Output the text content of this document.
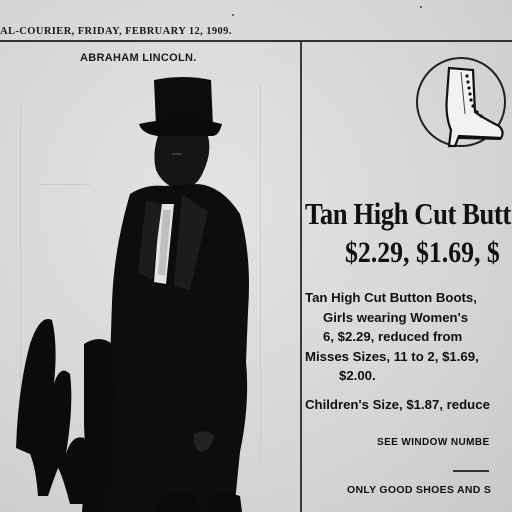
AL-COURIER, FRIDAY, FEBRUARY 12, 1909.
ABRAHAM LINCOLN.
Tan High Cut Butt
$2.29, $1.69, $

Tan High Cut Button Boots,

Girls wearing Women's

6, $2.29, reduced from

Misses Sizes, 11 to 2, $1.69,

$2.00.

Children's Size, $1.87, reduce

SEE WINDOW NUMBE
ONLY GOOD SHOES AND S
